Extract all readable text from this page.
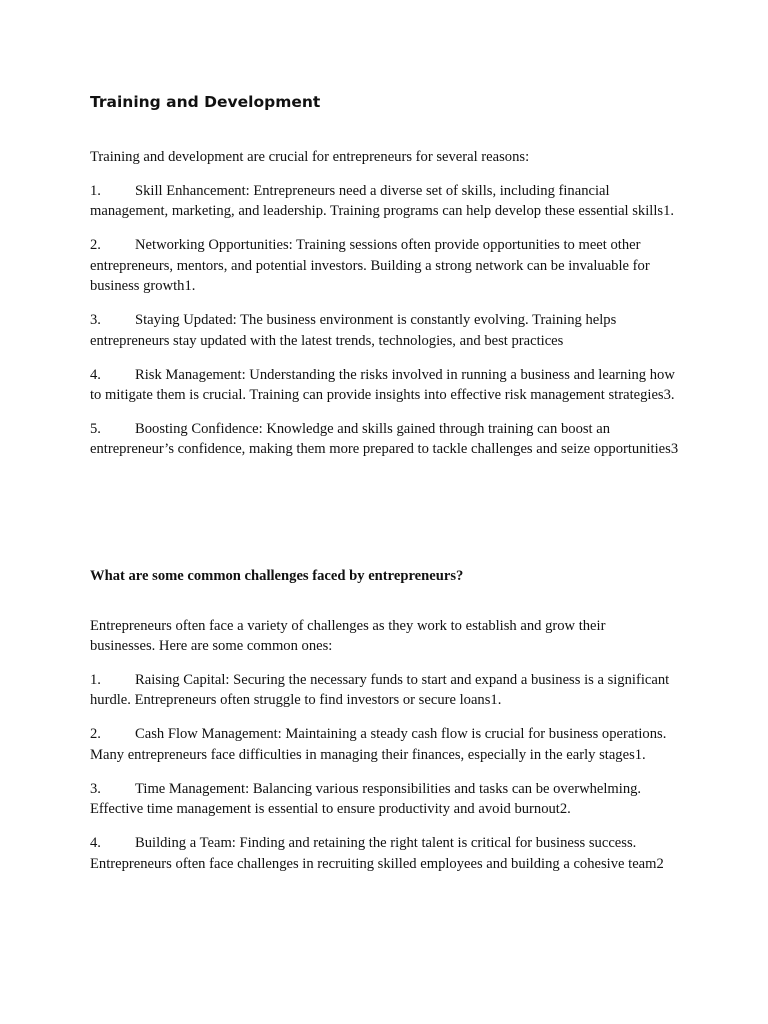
Training and Development

Training and development are crucial for entrepreneurs for several reasons:

1. Skill Enhancement: Entrepreneurs need a diverse set of skills, including financial management, marketing, and leadership. Training programs can help develop these essential skills1.

2. Networking Opportunities: Training sessions often provide opportunities to meet other entrepreneurs, mentors, and potential investors. Building a strong network can be invaluable for business growth1.

3. Staying Updated: The business environment is constantly evolving. Training helps entrepreneurs stay updated with the latest trends, technologies, and best practices

4. Risk Management: Understanding the risks involved in running a business and learning how to mitigate them is crucial. Training can provide insights into effective risk management strategies3.

5. Boosting Confidence: Knowledge and skills gained through training can boost an entrepreneur’s confidence, making them more prepared to tackle challenges and seize opportunities3

What are some common challenges faced by entrepreneurs?

Entrepreneurs often face a variety of challenges as they work to establish and grow their businesses. Here are some common ones:

1. Raising Capital: Securing the necessary funds to start and expand a business is a significant hurdle. Entrepreneurs often struggle to find investors or secure loans1.

2. Cash Flow Management: Maintaining a steady cash flow is crucial for business operations. Many entrepreneurs face difficulties in managing their finances, especially in the early stages1.

3. Time Management: Balancing various responsibilities and tasks can be overwhelming. Effective time management is essential to ensure productivity and avoid burnout2.

4. Building a Team: Finding and retaining the right talent is critical for business success. Entrepreneurs often face challenges in recruiting skilled employees and building a cohesive team2
